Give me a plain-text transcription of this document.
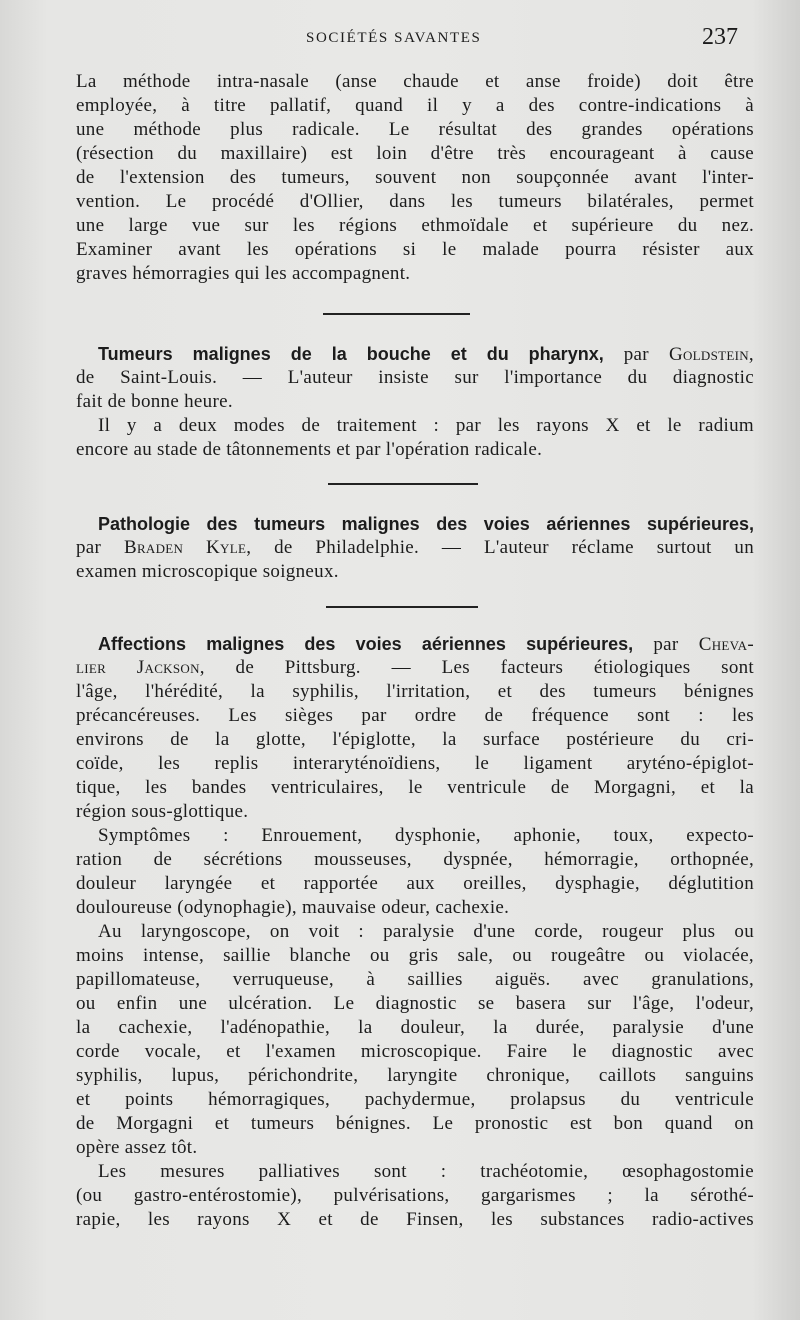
SOCIÉTÉS SAVANTES	237
La méthode intra-nasale (anse chaude et anse froide) doit être
employée, à titre pallatif, quand il y a des contre-indications à
une méthode plus radicale. Le résultat des grandes opérations
(résection du maxillaire) est loin d'être très encourageant à cause
de l'extension des tumeurs, souvent non soupçonnée avant l'inter-
vention. Le procédé d'Ollier, dans les tumeurs bilatérales, permet
une large vue sur les régions ethmoïdale et supérieure du nez.
Examiner avant les opérations si le malade pourra résister aux
graves hémorragies qui les accompagnent.
Tumeurs malignes de la bouche et du pharynx, par Goldstein,
de Saint-Louis. — L'auteur insiste sur l'importance du diagnostic
fait de bonne heure.
Il y a deux modes de traitement : par les rayons X et le radium
encore au stade de tâtonnements et par l'opération radicale.
Pathologie des tumeurs malignes des voies aériennes supérieures,
par Braden Kyle, de Philadelphie. — L'auteur réclame surtout un
examen microscopique soigneux.
Affections malignes des voies aériennes supérieures, par Cheva-
lier Jackson, de Pittsburg. — Les facteurs étiologiques sont
l'âge, l'hérédité, la syphilis, l'irritation, et des tumeurs bénignes
précancéreuses. Les sièges par ordre de fréquence sont : les
environs de la glotte, l'épiglotte, la surface postérieure du cri-
coïde, les replis interaryténoïdiens, le ligament aryténo-épiglot-
tique, les bandes ventriculaires, le ventricule de Morgagni, et la
région sous-glottique.
Symptômes : Enrouement, dysphonie, aphonie, toux, expecto-
ration de sécrétions mousseuses, dyspnée, hémorragie, orthopnée,
douleur laryngée et rapportée aux oreilles, dysphagie, déglutition
douloureuse (odynophagie), mauvaise odeur, cachexie.
Au laryngoscope, on voit : paralysie d'une corde, rougeur plus ou
moins intense, saillie blanche ou gris sale, ou rougeâtre ou violacée,
papillomateuse, verruqueuse, à saillies aiguës. avec granulations,
ou enfin une ulcération. Le diagnostic se basera sur l'âge, l'odeur,
la cachexie, l'adénopathie, la douleur, la durée, paralysie d'une
corde vocale, et l'examen microscopique. Faire le diagnostic avec
syphilis, lupus, périchondrite, laryngite chronique, caillots sanguins
et points hémorragiques, pachydermue, prolapsus du ventricule
de Morgagni et tumeurs bénignes. Le pronostic est bon quand on
opère assez tôt.
Les mesures palliatives sont : trachéotomie, œsophagostomie
(ou gastro-entérostomie), pulvérisations, gargarismes ; la sérothé-
rapie, les rayons X et de Finsen, les substances radio-actives
